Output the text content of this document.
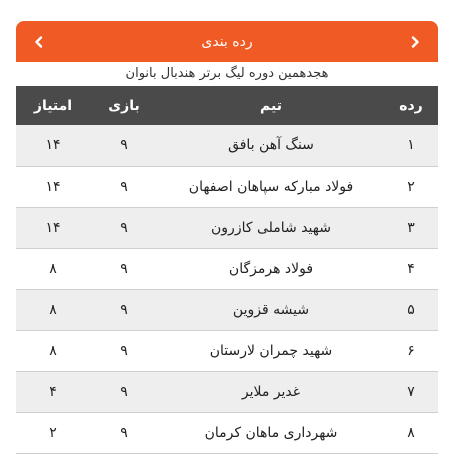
رده بندی
هجدهمین دوره لیگ برتر هندبال بانوان
رده	تیم	بازی	امتیاز
۱	سنگ آهن بافق	۹	۱۴
۲	فولاد مبارکه سپاهان اصفهان	۹	۱۴
۳	شهید شاملی کازرون	۹	۱۴
۴	فولاد هرمزگان	۹	۸
۵	شیشه قزوین	۹	۸
۶	شهید چمران لارستان	۹	۸
۷	غدیر ملایر	۹	۴
۸	شهرداری ماهان کرمان	۹	۲
